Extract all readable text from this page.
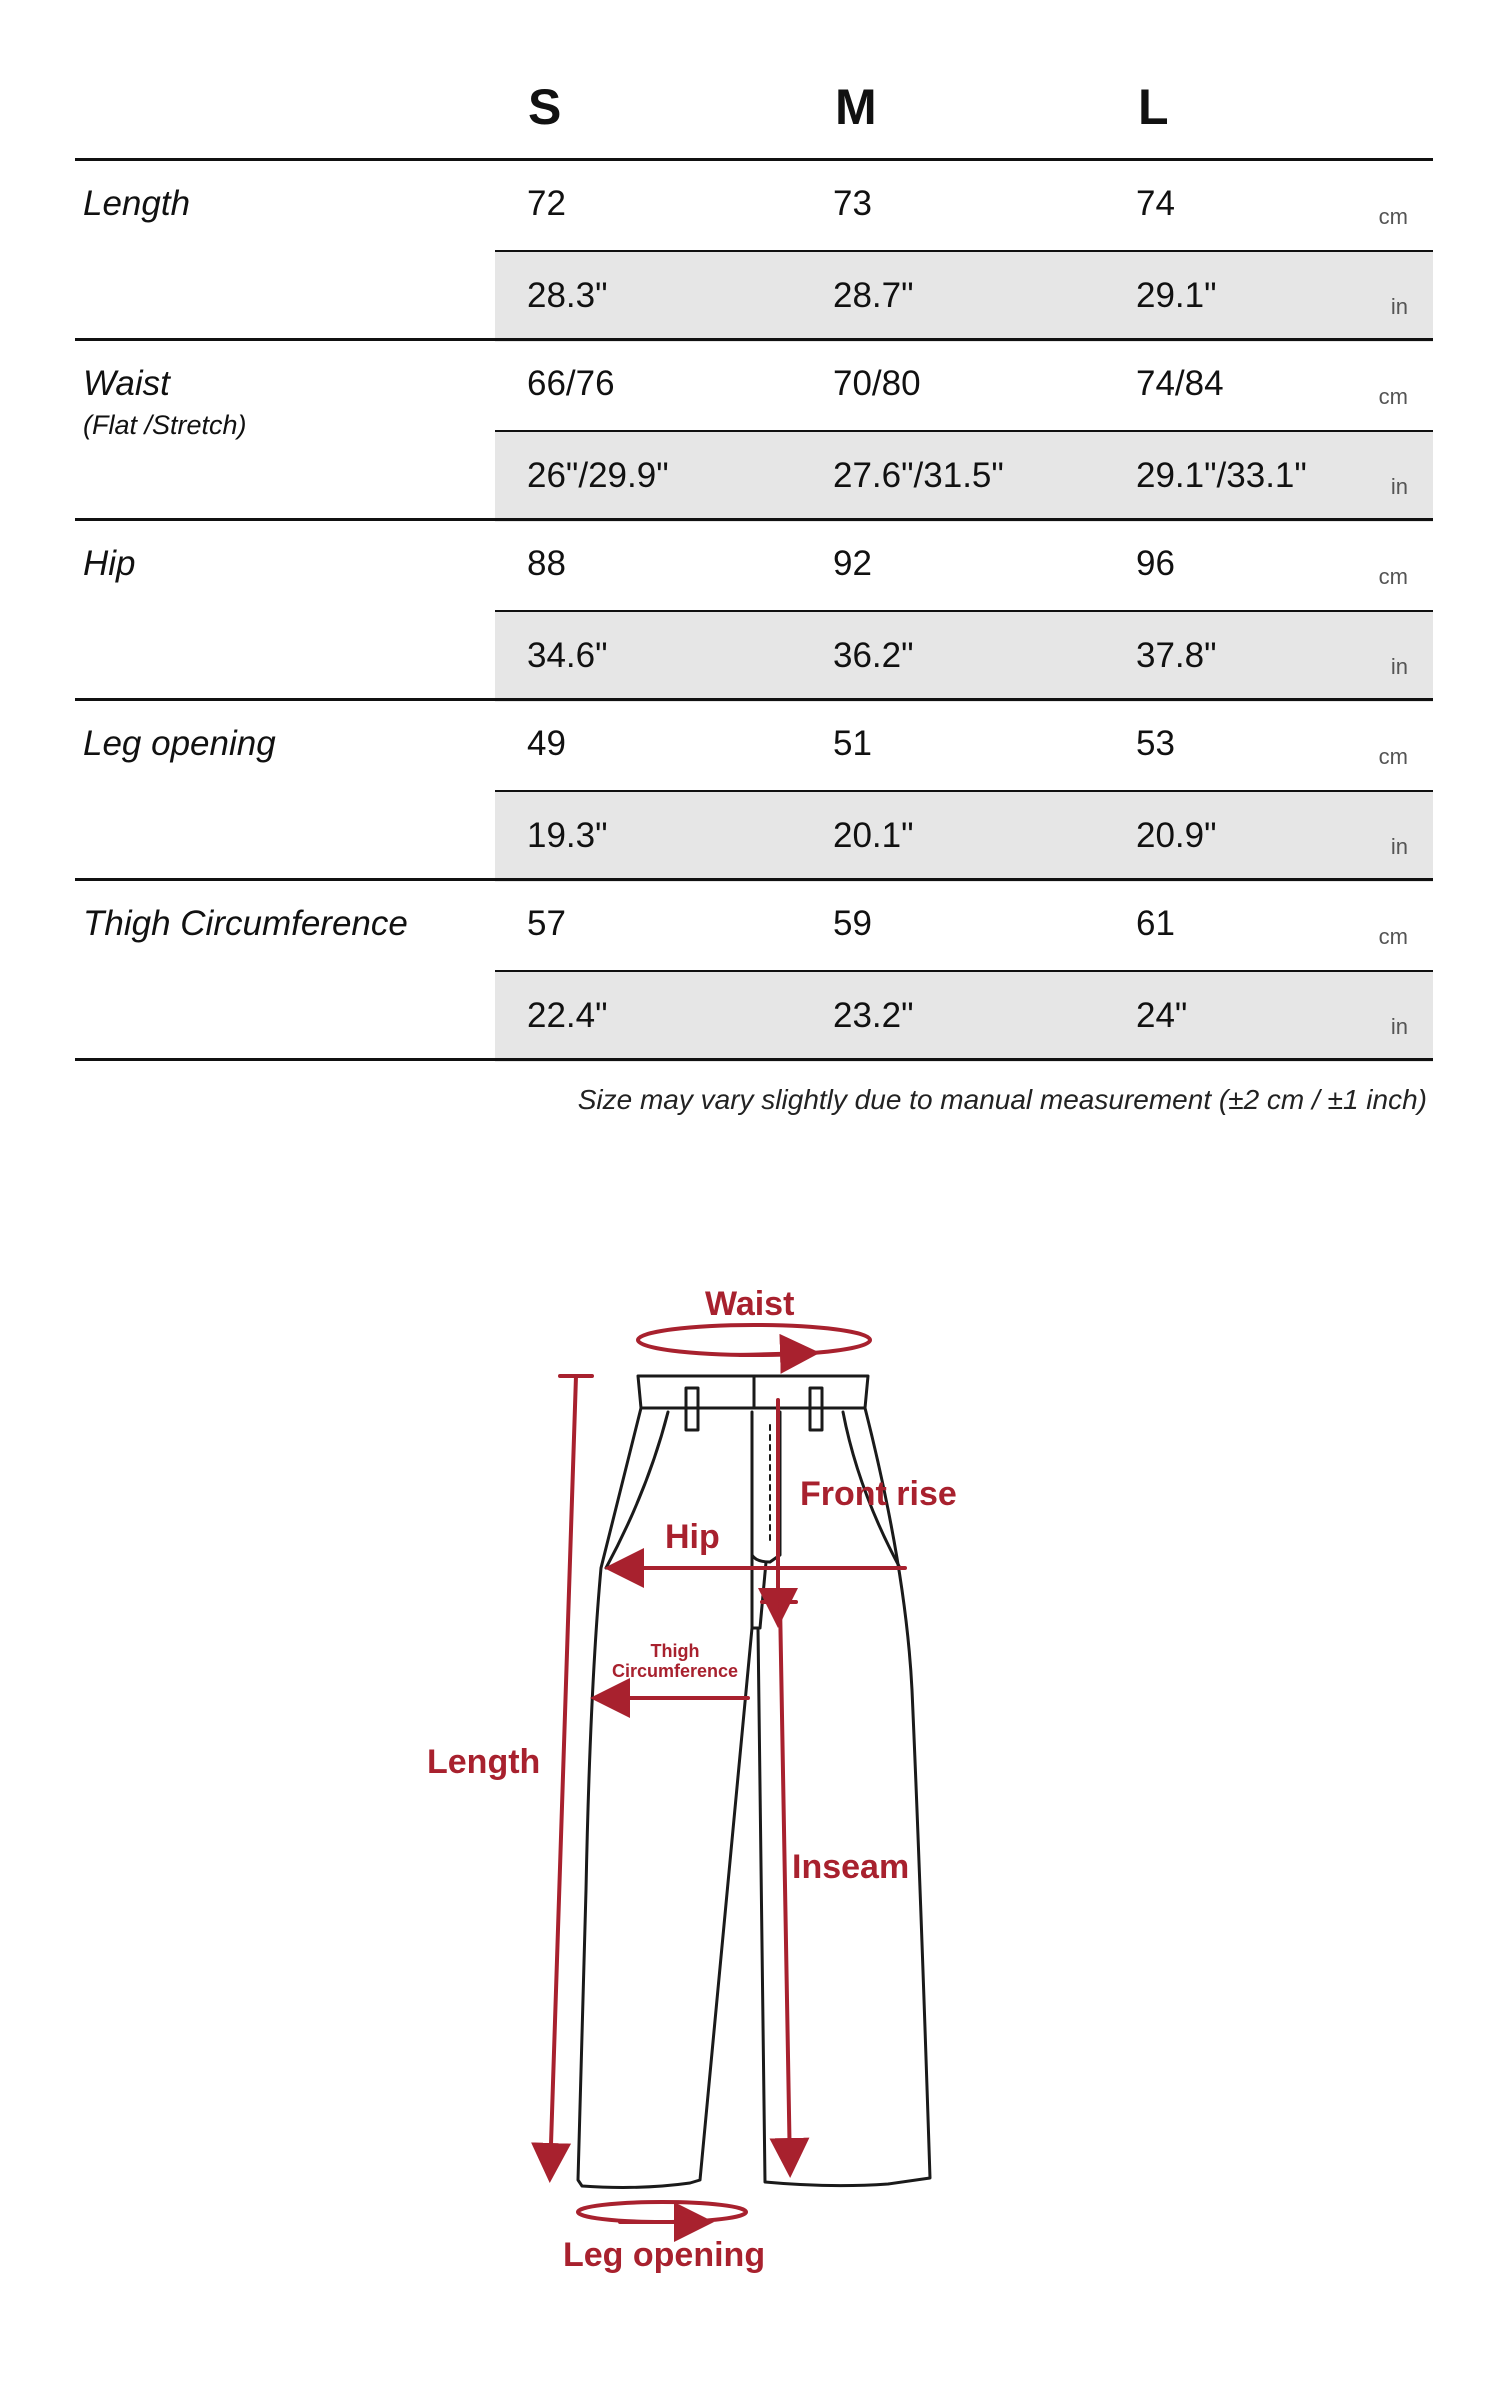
S	M	L
Length	72	73	74	cm
28.3"	28.7"	29.1"	in
Waist
(Flat /Stretch)
66/76	70/80	74/84	cm
26"/29.9"	27.6"/31.5"	29.1"/33.1"	in
Hip	88	92	96	cm
34.6"	36.2"	37.8"	in
Leg opening	49	51	53	cm
19.3"	20.1"	20.9"	in
Thigh Circumference	57	59	61	cm
22.4"	23.2"	24"	in
Size may vary slightly due to manual measurement (±2 cm / ±1 inch)
Waist
Front rise
Hip
Thigh
Circumference
Length
Inseam
Leg opening
